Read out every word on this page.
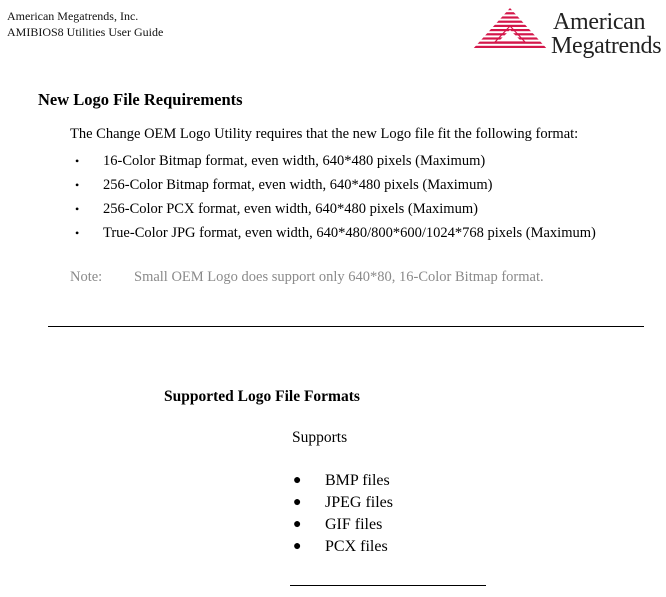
American Megatrends, Inc.
AMIBIOS8 Utilities User Guide	American
Megatrends
New Logo File Requirements
The Change OEM Logo Utility requires that the new Logo file fit the following format:
•	16-Color Bitmap format, even width, 640*480 pixels (Maximum)
•	256-Color Bitmap format, even width, 640*480 pixels (Maximum)
•	256-Color PCX format, even width, 640*480 pixels (Maximum)
•	True-Color JPG format, even width, 640*480/800*600/1024*768 pixels (Maximum)
Note: Small OEM Logo does support only 640*80, 16-Color Bitmap format.
Supported Logo File Formats
Supports
●	BMP files
●	JPEG files
●	GIF files
●	PCX files
